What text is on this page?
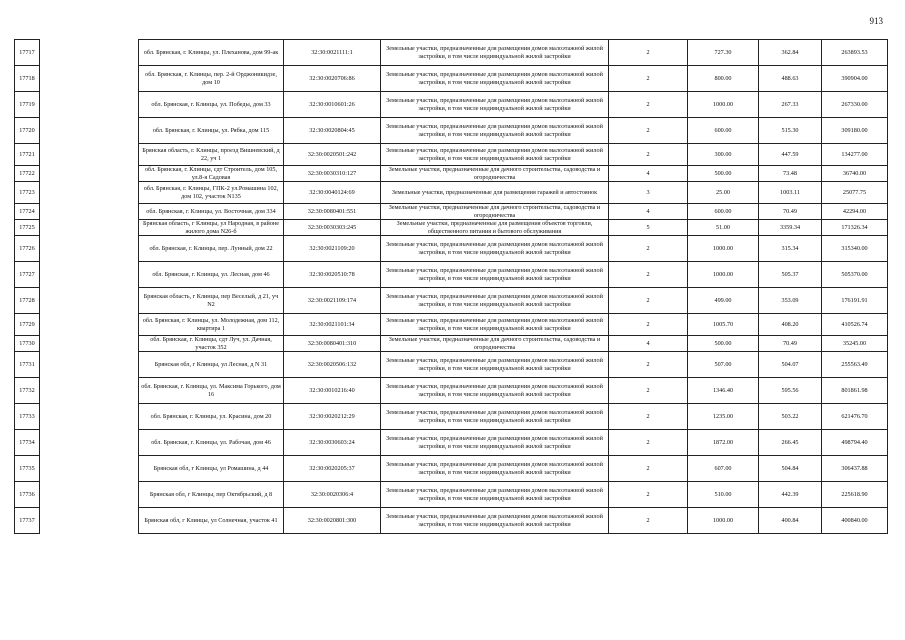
913
17717		обл. Брянская, г. Клинцы, ул. Плеханова, дом 99-ак	32:30:0021111:1	Земельные участки, предназначенные для размещения домов малоэтажной жилой застройки, в том числе индивидуальной жилой застройки	2	727.30	362.84	263893.53
17718		обл. Брянская, г. Клинцы, пер. 2-й Орджоникидзе, дом 10	32:30:0020706:86	Земельные участки, предназначенные для размещения домов малоэтажной жилой застройки, в том числе индивидуальной жилой застройки	2	800.00	488.63	390904.00
17719		обл. Брянская, г. Клинцы, ул. Победы, дом 33	32:30:0010601:26	Земельные участки, предназначенные для размещения домов малоэтажной жилой застройки, в том числе индивидуальной жилой застройки	2	1000.00	267.33	267330.00
17720		обл. Брянская, г. Клинцы, ул. Рябка, дом 115	32:30:0020804:45	Земельные участки, предназначенные для размещения домов малоэтажной жилой застройки, в том числе индивидуальной жилой застройки	2	600.00	515.30	309180.00
17721		Брянская область, г. Клинцы, проезд Вишневский, д 22, уч 1	32:30:0020501:242	Земельные участки, предназначенные для размещения домов малоэтажной жилой застройки, в том числе индивидуальной жилой застройки	2	300.00	447.59	134277.00
17722		обл. Брянская, г. Клинцы, сдт Строитель, дом 105, ул.8-я Садовая	32:30:0030310:127	Земельные участки, предназначенные для дачного строительства, садоводства и огородничества	4	500.00	73.48	36740.00
17723		обл. Брянская, г. Клинцы, ГПК-2 ул.Ромашина 102, дом 102, участок N135	32:30:0040124:69	Земельные участки, предназначенные для размещения гаражей и автостоянок	3	25.00	1003.11	25077.75
17724		обл. Брянская, г. Клинцы, ул. Восточная, дом 334	32:30:0080401:551	Земельные участки, предназначенные для дачного строительства, садоводства и огородничества	4	600.00	70.49	42294.00
17725		Брянская область, г Клинцы, ул Народная, в районе жилого дома N26-б	32:30:0030303:245	Земельные участки, предназначенные для размещения объектов торговли, общественного питания и бытового обслуживания	5	51.00	3359.34	171326.34
17726		обл. Брянская, г. Клинцы, пер. Лунный, дом 22	32:30:0021109:20	Земельные участки, предназначенные для размещения домов малоэтажной жилой застройки, в том числе индивидуальной жилой застройки	2	1000.00	315.34	315340.00
17727		обл. Брянская, г. Клинцы, ул. Лесная, дом 46	32:30:0020510:78	Земельные участки, предназначенные для размещения домов малоэтажной жилой застройки, в том числе индивидуальной жилой застройки	2	1000.00	505.37	505370.00
17728		Брянская область, г Клинцы, пер Веселый, д 21, уч N2	32:30:0021109:174	Земельные участки, предназначенные для размещения домов малоэтажной жилой застройки, в том числе индивидуальной жилой застройки	2	499.00	353.09	176191.91
17729		обл. Брянская, г. Клинцы, ул. Молодежная, дом 112, квартира 1	32:30:0021101:34	Земельные участки, предназначенные для размещения домов малоэтажной жилой застройки, в том числе индивидуальной жилой застройки	2	1005.70	408.20	410526.74
17730		обл. Брянская, г. Клинцы, сдт Луч, ул. Дачная, участок 352	32:30:0080401:310	Земельные участки, предназначенные для дачного строительства, садоводства и огородничества	4	500.00	70.49	35245.00
17731		Брянская обл, г Клинцы, ул Лесная, д N 31	32:30:0020506:132	Земельные участки, предназначенные для размещения домов малоэтажной жилой застройки, в том числе индивидуальной жилой застройки	2	507.00	504.07	255563.49
17732		обл. Брянская, г. Клинцы, ул. Максима Горького, дом 16	32:30:0010216:40	Земельные участки, предназначенные для размещения домов малоэтажной жилой застройки, в том числе индивидуальной жилой застройки	2	1346.40	595.56	801861.98
17733		обл. Брянская, г. Клинцы, ул. Красина, дом 20	32:30:0020212:29	Земельные участки, предназначенные для размещения домов малоэтажной жилой застройки, в том числе индивидуальной жилой застройки	2	1235.00	503.22	621476.70
17734		обл. Брянская, г. Клинцы, ул. Рабочая, дом 46	32:30:0030603:24	Земельные участки, предназначенные для размещения домов малоэтажной жилой застройки, в том числе индивидуальной жилой застройки	2	1872.00	266.45	498794.40
17735		Брянская обл, г Клинцы, ул Ромашина, д 44	32:30:0020205:37	Земельные участки, предназначенные для размещения домов малоэтажной жилой застройки, в том числе индивидуальной жилой застройки	2	607.00	504.84	306437.88
17736		Брянская обл, г Клинцы, пер Октябрьский, д 8	32:30:0020306:4	Земельные участки, предназначенные для размещения домов малоэтажной жилой застройки, в том числе индивидуальной жилой застройки	2	510.00	442.39	225618.90
17737		Брянская обл, г Клинцы, ул Солнечная, участок 41	32:30:0020801:300	Земельные участки, предназначенные для размещения домов малоэтажной жилой застройки, в том числе индивидуальной жилой застройки	2	1000.00	400.84	400840.00
